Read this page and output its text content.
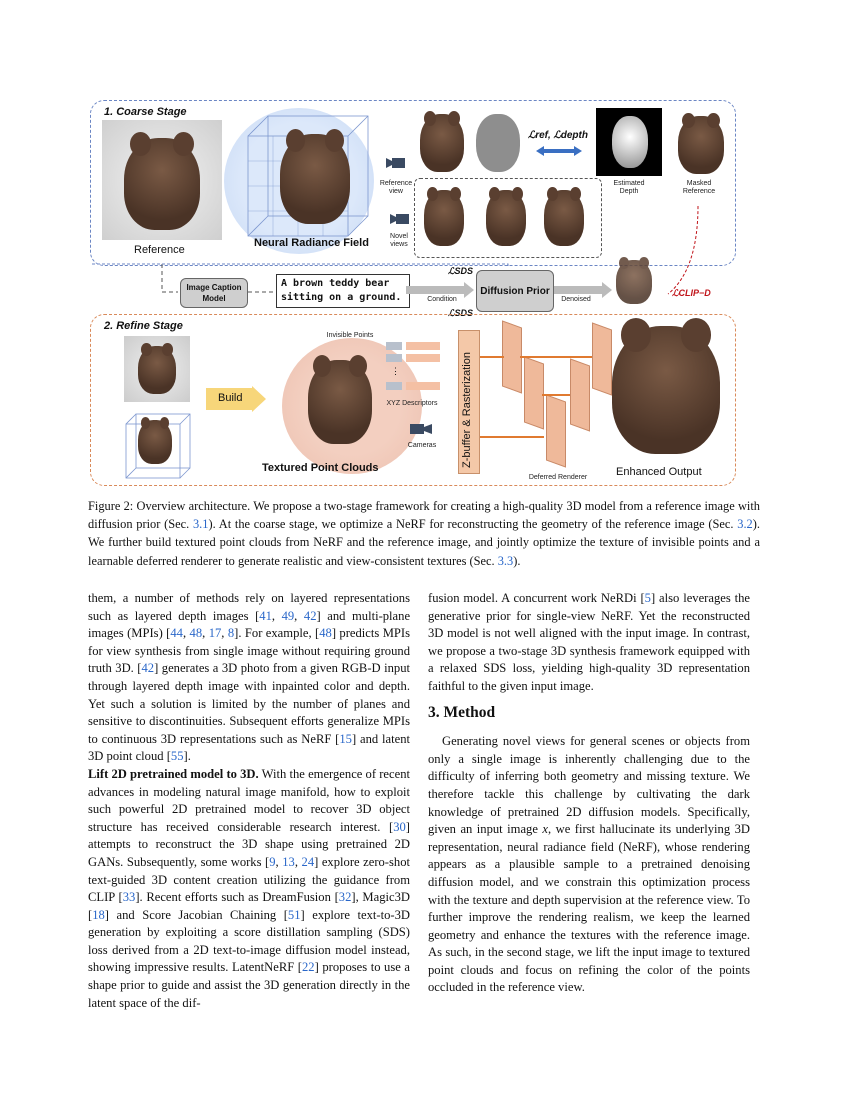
1. Coarse Stage
Reference
Neural Radiance Field
Reference view
Novel views
ℒref, ℒdepth
Estimated Depth
Masked Reference
Image Caption Model
A brown teddy bear sitting on a ground.
Diffusion Prior
Condition	Denoised
ℒSDS
ℒSDS
ℒCLIP−D
2. Refine Stage
Build
Invisible Points
Textured Point Clouds
⋮
XYZ Descriptors
Cameras	Z-buffer & Rasterization
Deferred Renderer	Enhanced Output
Figure 2: Overview architecture. We propose a two-stage framework for creating a high-quality 3D model from a reference image with diffusion prior (Sec. 3.1). At the coarse stage, we optimize a NeRF for reconstructing the geometry of the reference image (Sec. 3.2). We further build textured point clouds from NeRF and the reference image, and jointly optimize the texture of invisible points and a learnable deferred renderer to generate realistic and view-consistent textures (Sec. 3.3).

them, a number of methods rely on layered representations such as layered depth images [41, 49, 42] and multi-plane images (MPIs) [44, 48, 17, 8]. For example, [48] predicts MPIs for view synthesis from single image without requiring ground truth 3D. [42] generates a 3D photo from a given RGB-D input through layered depth image with inpainted color and depth. Yet such a solution is limited by the number of planes and sensitive to discontinuities. Subsequent efforts generalize MPIs to continuous 3D representations such as NeRF [15] and latent 3D point cloud [55].

Lift 2D pretrained model to 3D. With the emergence of recent advances in modeling natural image manifold, how to exploit such powerful 2D pretrained model to recover 3D object structure has received considerable research interest. [30] attempts to reconstruct the 3D shape using pretrained 2D GANs. Subsequently, some works [9, 13, 24] explore zero-shot text-guided 3D content creation utilizing the guidance from CLIP [33]. Recent efforts such as DreamFusion [32], Magic3D [18] and Score Jacobian Chaining [51] explore text-to-3D generation by exploiting a score distillation sampling (SDS) loss derived from a 2D text-to-image diffusion model instead, showing impressive results. LatentNeRF [22] proposes to use a shape prior to guide and assist the 3D generation directly in the latent space of the dif-

fusion model. A concurrent work NeRDi [5] also leverages the generative prior for single-view NeRF. Yet the reconstructed 3D model is not well aligned with the input image. In contrast, we propose a two-stage 3D synthesis framework equipped with a relaxed SDS loss, yielding high-quality 3D representation faithful to the given input image.

3. Method

Generating novel views for general scenes or objects from only a single image is inherently challenging due to the difficulty of inferring both geometry and missing texture. We therefore tackle this challenge by cultivating the dark knowledge of pretrained 2D diffusion models. Specifically, given an input image x, we first hallucinate its underlying 3D representation, neural radiance field (NeRF), whose rendering appears as a plausible sample to a pretrained denoising diffusion model, and we constrain this optimization process with the texture and depth supervision at the reference view. To further improve the rendering realism, we keep the learned geometry and enhance the textures with the reference image. As such, in the second stage, we lift the input image to textured point clouds and focus on refining the color of the points occluded in the reference view.
